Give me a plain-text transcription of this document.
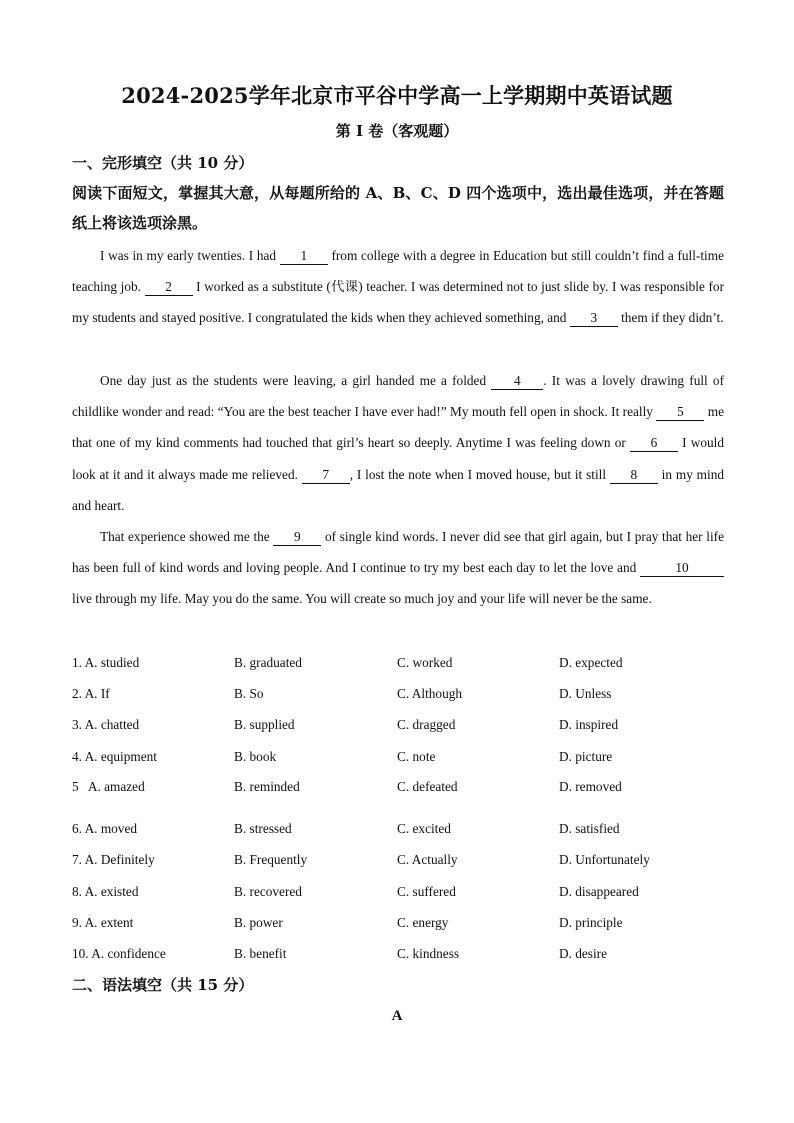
2024-2025学年北京市平谷中学高一上学期期中英语试题
第 I 卷（客观题）
一、完形填空（共 10 分）
阅读下面短文，掌握其大意，从每题所给的 A、B、C、D 四个选项中，选出最佳选项，并在答题纸上将该选项涂黑。
I was in my early twenties. I had 1 from college with a degree in Education but still couldn’t find a full-time teaching job. 2 I worked as a substitute (代课) teacher. I was determined not to just slide by. I was responsible for my students and stayed positive. I congratulated the kids when they achieved something, and 3 them if they didn’t.
One day just as the students were leaving, a girl handed me a folded 4 . It was a lovely drawing full of childlike wonder and read: “You are the best teacher I have ever had!” My mouth fell open in shock. It really 5 me that one of my kind comments had touched that girl’s heart so deeply. Anytime I was feeling down or 6 I would look at it and it always made me relieved. 7 , I lost the note when I moved house, but it still 8 in my mind and heart.
That experience showed me the 9 of single kind words. I never did see that girl again, but I pray that her life has been full of kind words and loving people. And I continue to try my best each day to let the love and	10 live through my life. May you do the same. You will create so much joy and your life will never be the same.
1. A. studied	B. graduated	C. worked	D. expected
2. A. If	B. So	C. Although	D. Unless
3. A. chatted	B. supplied	C. dragged	D. inspired
4. A. equipment	B. book	C. note	D. picture
5   A. amazed	B. reminded	C. defeated	D. removed
6. A. moved	B. stressed	C. excited	D. satisfied
7. A. Definitely	B. Frequently	C. Actually	D. Unfortunately
8. A. existed	B. recovered	C. suffered	D. disappeared
9. A. extent	B. power	C. energy	D. principle
10. A. confidence	B. benefit	C. kindness	D. desire
二、语法填空（共 15 分）
A
